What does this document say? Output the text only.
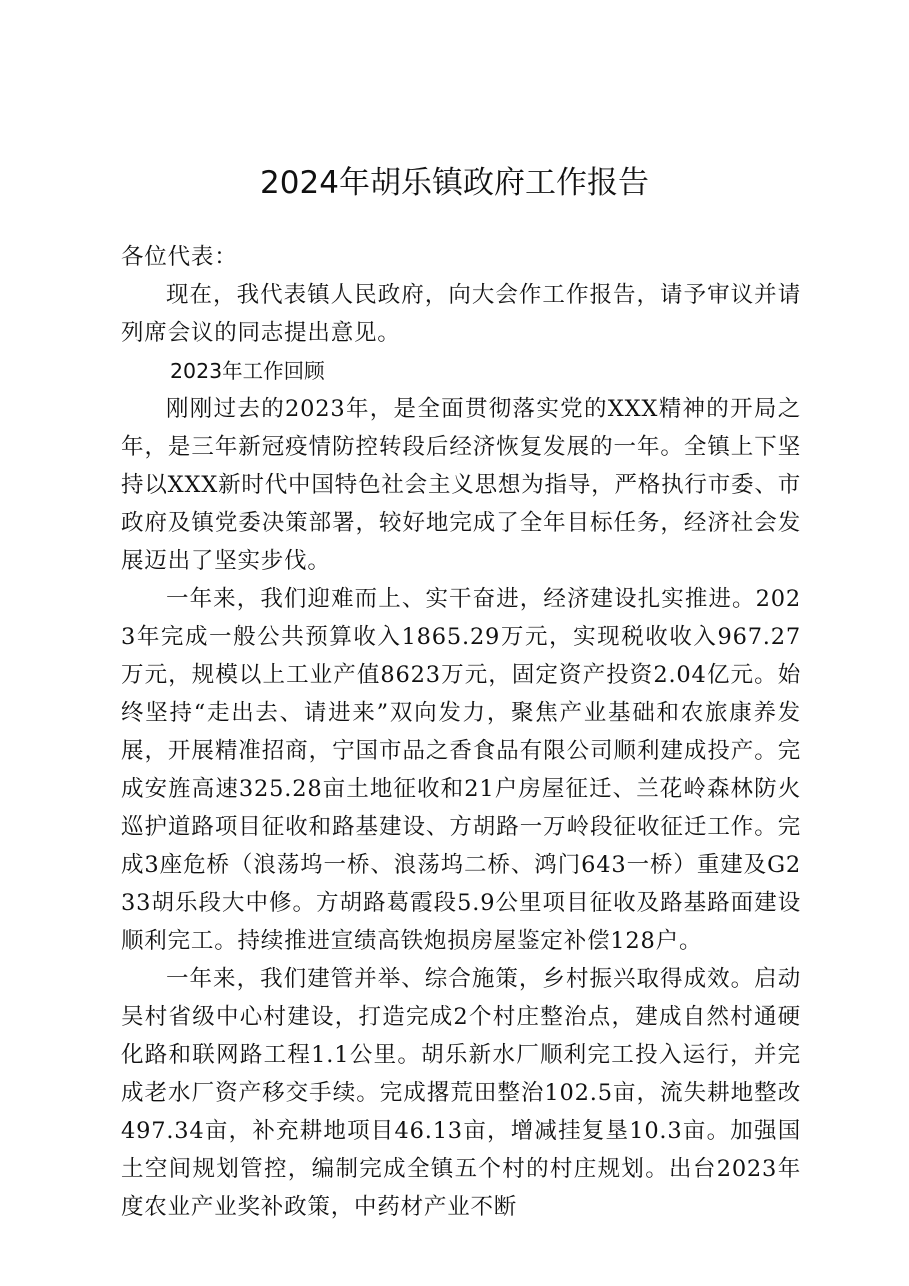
2024年胡乐镇政府工作报告

各位代表：

现在，我代表镇人民政府，向大会作工作报告，请予审议并请列席会议的同志提出意见。

2023年工作回顾

刚刚过去的2023年，是全面贯彻落实党的XXX精神的开局之年，是三年新冠疫情防控转段后经济恢复发展的一年。全镇上下坚持以XXX新时代中国特色社会主义思想为指导，严格执行市委、市政府及镇党委决策部署，较好地完成了全年目标任务，经济社会发展迈出了坚实步伐。

一年来，我们迎难而上、实干奋进，经济建设扎实推进。2023年完成一般公共预算收入1865.29万元，实现税收收入967.27万元，规模以上工业产值8623万元，固定资产投资2.04亿元。始终坚持“走出去、请进来”双向发力，聚焦产业基础和农旅康养发展，开展精准招商，宁国市品之香食品有限公司顺利建成投产。完成安旌高速325.28亩土地征收和21户房屋征迁、兰花岭森林防火巡护道路项目征收和路基建设、方胡路一万岭段征收征迁工作。完成3座危桥（浪荡坞一桥、浪荡坞二桥、鸿门643一桥）重建及G233胡乐段大中修。方胡路葛霞段5.9公里项目征收及路基路面建设顺利完工。持续推进宣绩高铁炮损房屋鉴定补偿128户。

一年来，我们建管并举、综合施策，乡村振兴取得成效。启动吴村省级中心村建设，打造完成2个村庄整治点，建成自然村通硬化路和联网路工程1.1公里。胡乐新水厂顺利完工投入运行，并完成老水厂资产移交手续。完成撂荒田整治102.5亩，流失耕地整改497.34亩，补充耕地项目46.13亩，增减挂复垦10.3亩。加强国土空间规划管控，编制完成全镇五个村的村庄规划。出台2023年度农业产业奖补政策，中药材产业不断
